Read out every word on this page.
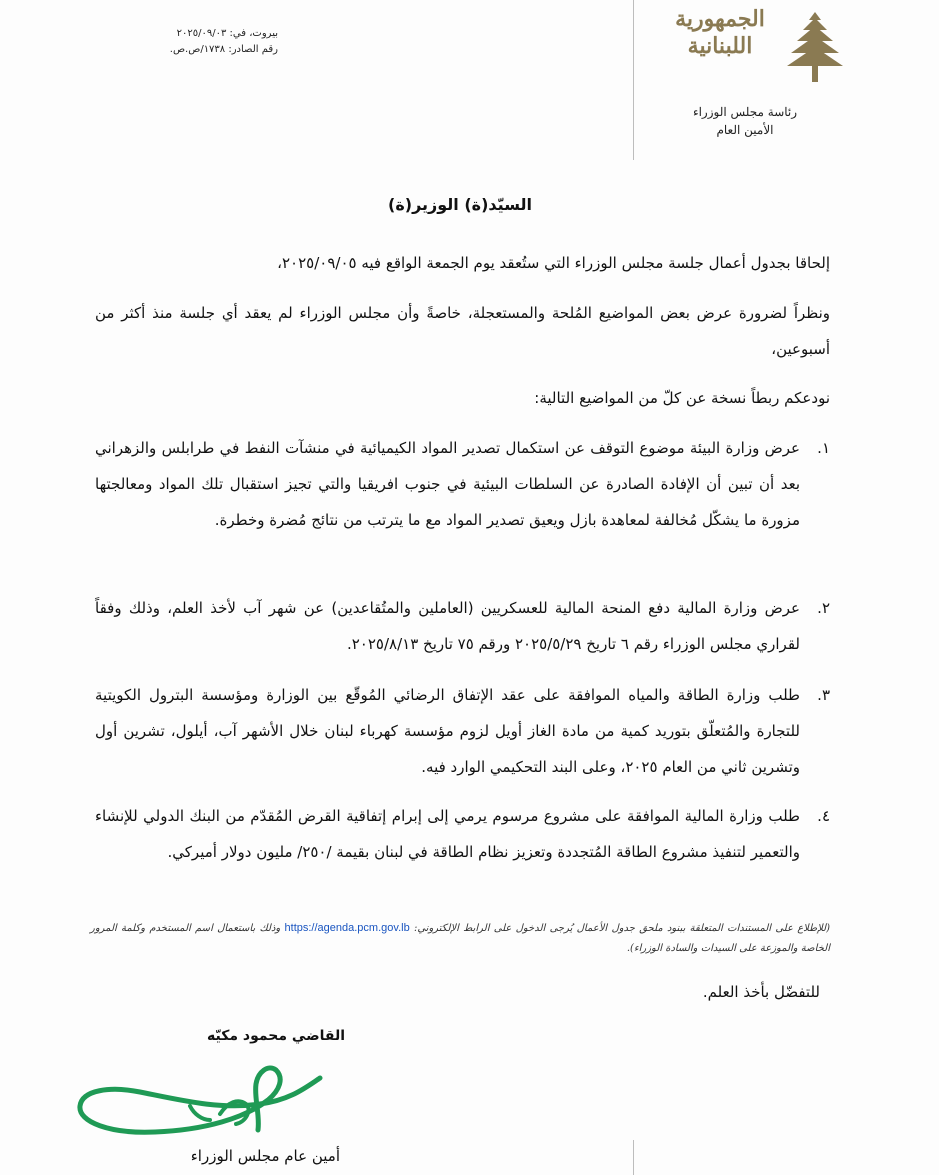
بيروت، في: ٢٠٢٥/٠٩/٠٣
رقم الصادر: ١٧٣٨/ص.ص.
الجمهورية
اللبنانية
رئاسة مجلس الوزراء
الأمين العام
السيّد(ة) الوزير(ة)
إلحاقا بجدول أعمال جلسة مجلس الوزراء التي ستُعقد يوم الجمعة الواقع فيه ٢٠٢٥/٠٩/٠٥،
ونظراً لضرورة عرض بعض المواضيع المُلحة والمستعجلة، خاصةً وأن مجلس الوزراء لم يعقد أي جلسة منذ أكثر من أسبوعين،
نودعكم ربطاً نسخة عن كلّ من المواضيع التالية:
١.
عرض وزارة البيئة موضوع التوقف عن استكمال تصدير المواد الكيميائية في منشآت النفط في طرابلس والزهراني بعد أن تبين أن الإفادة الصادرة عن السلطات البيئية في جنوب افريقيا والتي تجيز استقبال تلك المواد ومعالجتها مزورة ما يشكّل مُخالفة لمعاهدة بازل ويعيق تصدير المواد مع ما يترتب من نتائج مُضرة وخطرة.
٢.
عرض وزارة المالية دفع المنحة المالية للعسكريين (العاملين والمتُقاعدين) عن شهر آب لأخذ العلم، وذلك وفقاً لقراري مجلس الوزراء رقم ٦ تاريخ ٢٠٢٥/٥/٢٩ ورقم ٧٥ تاريخ ٢٠٢٥/٨/١٣.
٣.
طلب وزارة الطاقة والمياه الموافقة على عقد الإتفاق الرضائي المُوقّع بين الوزارة ومؤسسة البترول الكويتية للتجارة والمُتعلّق بتوريد كمية من مادة الغاز أويل لزوم مؤسسة كهرباء لبنان خلال الأشهر آب، أيلول، تشرين أول وتشرين ثاني من العام ٢٠٢٥، وعلى البند التحكيمي الوارد فيه.
٤.
طلب وزارة المالية الموافقة على مشروع مرسوم يرمي إلى إبرام إتفاقية القرض المُقدّم من البنك الدولي للإنشاء والتعمير لتنفيذ مشروع الطاقة المُتجددة وتعزيز نظام الطاقة في لبنان بقيمة /٢٥٠/ مليون دولار أميركي.
(للإطلاع على المستندات المتعلقة ببنود ملحق جدول الأعمال يُرجى الدخول على الرابط الإلكتروني: https://agenda.pcm.gov.lb وذلك باستعمال اسم المستخدم وكلمة المرور الخاصة والموزعة على السيدات والسادة الوزراء).
للتفضّل بأخذ العلم.
القاضي محمود مكيّه
أمين عام مجلس الوزراء
